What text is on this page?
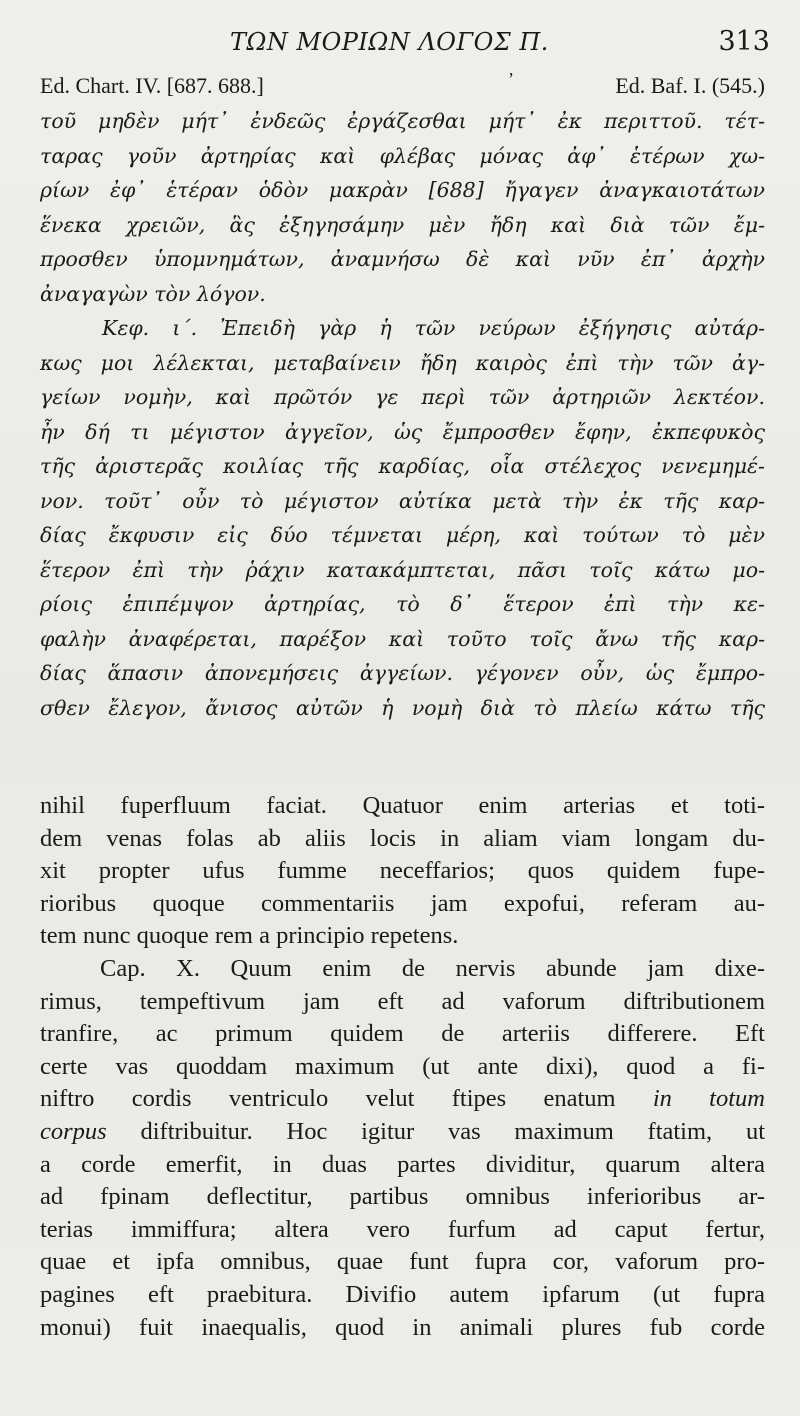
ΤΩΝ ΜΟΡΙΩΝ ΛΟΓΟΣ Π.	313
Ed. Chart. IV. [687. 688.]	’	Ed. Baf. I. (545.)
τοῦ μηδὲν μήτ᾽ ἐνδεῶς ἐργάζεσθαι μήτ᾽ ἐκ περιττοῦ. τέτ-
ταρας γοῦν ἀρτηρίας καὶ φλέβας μόνας ἀφ᾽ ἑτέρων χω-
ρίων ἐφ᾽ ἑτέραν ὁδὸν μακρὰν [688] ἤγαγεν ἀναγκαιοτάτων
ἕνεκα χρειῶν, ἃς ἐξηγησάμην μὲν ἤδη καὶ διὰ τῶν ἔμ-
προσθεν ὑπομνημάτων, ἀναμνήσω δὲ καὶ νῦν ἐπ᾽ ἀρχὴν
ἀναγαγὼν τὸν λόγον.
Κεφ. ι΄. Ἐπειδὴ γὰρ ἡ τῶν νεύρων ἐξήγησις αὐτάρ-
κως μοι λέλεκται, μεταβαίνειν ἤδη καιρὸς ἐπὶ τὴν τῶν ἀγ-
γείων νομὴν, καὶ πρῶτόν γε περὶ τῶν ἀρτηριῶν λεκτέον.
ἦν δή τι μέγιστον ἀγγεῖον, ὡς ἔμπροσθεν ἔφην, ἐκπεφυκὸς
τῆς ἀριστερᾶς κοιλίας τῆς καρδίας, οἷα στέλεχος νενεμημέ-
νον. τοῦτ᾽ οὖν τὸ μέγιστον αὐτίκα μετὰ τὴν ἐκ τῆς καρ-
δίας ἔκφυσιν εἰς δύο τέμνεται μέρη, καὶ τούτων τὸ μὲν
ἕτερον ἐπὶ τὴν ῥάχιν κατακάμπτεται, πᾶσι τοῖς κάτω μο-
ρίοις ἐπιπέμψον ἀρτηρίας, τὸ δ᾽ ἕτερον ἐπὶ τὴν κε-
φαλὴν ἀναφέρεται, παρέξον καὶ τοῦτο τοῖς ἄνω τῆς καρ-
δίας ἅπασιν ἀπονεμήσεις ἀγγείων. γέγονεν οὖν, ὡς ἔμπρο-
σθεν ἔλεγον, ἄνισος αὐτῶν ἡ νομὴ διὰ τὸ πλείω κάτω τῆς
nihil fuperfluum faciat. Quatuor enim arterias et toti-
dem venas folas ab aliis locis in aliam viam longam du-
xit propter ufus fumme neceffarios; quos quidem fupe-
rioribus quoque commentariis jam expofui, referam au-
tem nunc quoque rem a principio repetens.
Cap. X. Quum enim de nervis abunde jam dixe-
rimus, tempeftivum jam eft ad vaforum diftributionem
tranfire, ac primum quidem de arteriis differere. Eft
certe vas quoddam maximum (ut ante dixi), quod a fi-
niftro cordis ventriculo velut ftipes enatum in totum
corpus diftribuitur. Hoc igitur vas maximum ftatim, ut
a corde emerfit, in duas partes dividitur, quarum altera
ad fpinam deflectitur, partibus omnibus inferioribus ar-
terias immiffura; altera vero furfum ad caput fertur,
quae et ipfa omnibus, quae funt fupra cor, vaforum pro-
pagines eft praebitura. Divifio autem ipfarum (ut fupra
monui) fuit inaequalis, quod in animali plures fub corde
